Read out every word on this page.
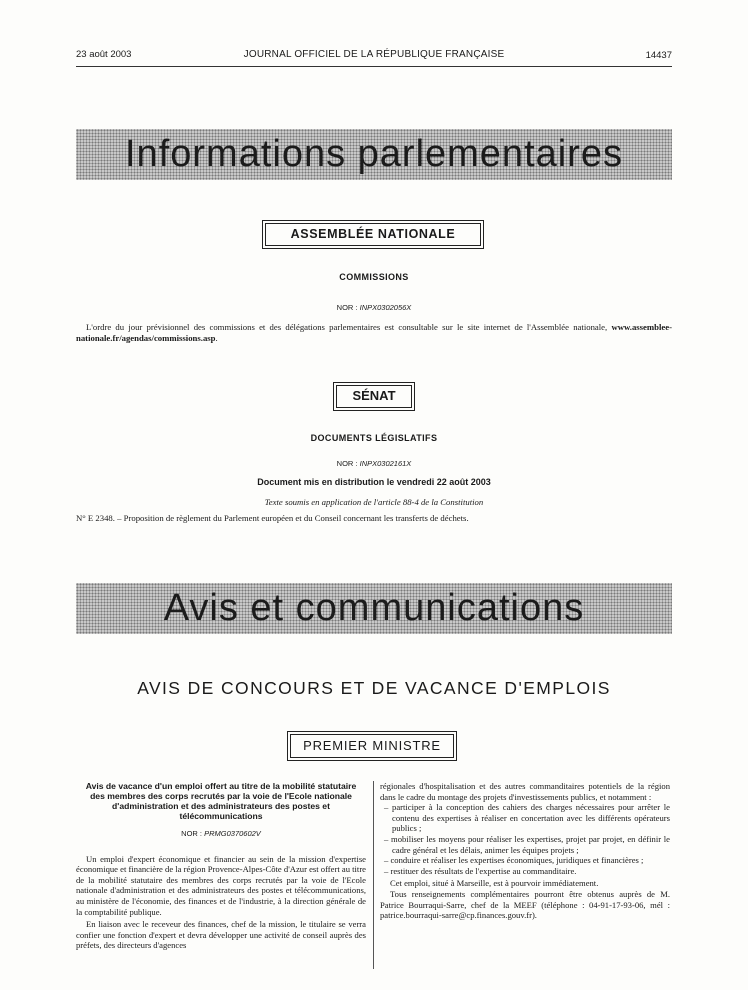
23 août 2003	JOURNAL OFFICIEL DE LA RÉPUBLIQUE FRANÇAISE	14437
Informations parlementaires
ASSEMBLÉE NATIONALE
COMMISSIONS
NOR : INPX0302056X
L'ordre du jour prévisionnel des commissions et des délégations parlementaires est consultable sur le site internet de l'Assemblée nationale, www.assemblee-nationale.fr/agendas/commissions.asp.
SÉNAT
DOCUMENTS LÉGISLATIFS
NOR : INPX0302161X
Document mis en distribution le vendredi 22 août 2003
Texte soumis en application de l'article 88-4 de la Constitution
N° E 2348. – Proposition de règlement du Parlement européen et du Conseil concernant les transferts de déchets.
Avis et communications
AVIS DE CONCOURS ET DE VACANCE D'EMPLOIS
PREMIER MINISTRE
Avis de vacance d'un emploi offert au titre de la mobilité statutaire des membres des corps recrutés par la voie de l'Ecole nationale d'administration et des administrateurs des postes et télécommunications
NOR : PRMG0370602V

Un emploi d'expert économique et financier au sein de la mission d'expertise économique et financière de la région Provence-Alpes-Côte d'Azur est offert au titre de la mobilité statutaire des membres des corps recrutés par la voie de l'Ecole nationale d'administration et des administrateurs des postes et télécommunications, au ministère de l'économie, des finances et de l'industrie, à la direction générale de la comptabilité publique.

En liaison avec le receveur des finances, chef de la mission, le titulaire se verra confier une fonction d'expert et devra développer une activité de conseil auprès des préfets, des directeurs d'agences

régionales d'hospitalisation et des autres commanditaires potentiels de la région dans le cadre du montage des projets d'investissements publics, et notamment :

– participer à la conception des cahiers des charges nécessaires pour arrêter le contenu des expertises à réaliser en concertation avec les différents opérateurs publics ;
– mobiliser les moyens pour réaliser les expertises, projet par projet, en définir le cadre général et les délais, animer les équipes projets ;
– conduire et réaliser les expertises économiques, juridiques et financières ;
– restituer des résultats de l'expertise au commanditaire.

Cet emploi, situé à Marseille, est à pourvoir immédiatement.

Tous renseignements complémentaires pourront être obtenus auprès de M. Patrice Bourraqui-Sarre, chef de la MEEF (téléphone : 04-91-17-93-06, mél : patrice.bourraqui-sarre@cp.finances.gouv.fr).
